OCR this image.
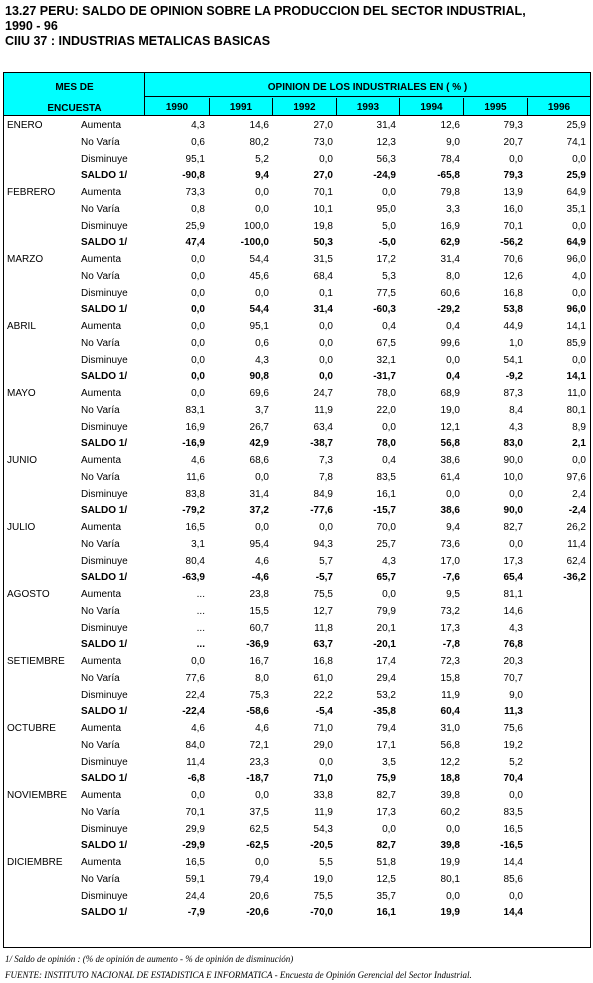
13.27 PERU: SALDO DE OPINION SOBRE LA PRODUCCION DEL SECTOR INDUSTRIAL,
1990 - 96
CIIU 37 : INDUSTRIAS METALICAS BASICAS
MES DE
ENCUESTA
OPINION DE LOS INDUSTRIALES EN ( % )
1990	1991	1992	1993	1994	1995	1996
ENERO	Aumenta	4,3	14,6	27,0	31,4	12,6	79,3	25,9
No Varía	0,6	80,2	73,0	12,3	9,0	20,7	74,1
Disminuye	95,1	5,2	0,0	56,3	78,4	0,0	0,0
SALDO 1/	-90,8	9,4	27,0	-24,9	-65,8	79,3	25,9
FEBRERO	Aumenta	73,3	0,0	70,1	0,0	79,8	13,9	64,9
No Varía	0,8	0,0	10,1	95,0	3,3	16,0	35,1
Disminuye	25,9	100,0	19,8	5,0	16,9	70,1	0,0
SALDO 1/	47,4	-100,0	50,3	-5,0	62,9	-56,2	64,9
MARZO	Aumenta	0,0	54,4	31,5	17,2	31,4	70,6	96,0
No Varía	0,0	45,6	68,4	5,3	8,0	12,6	4,0
Disminuye	0,0	0,0	0,1	77,5	60,6	16,8	0,0
SALDO 1/	0,0	54,4	31,4	-60,3	-29,2	53,8	96,0
ABRIL	Aumenta	0,0	95,1	0,0	0,4	0,4	44,9	14,1
No Varía	0,0	0,6	0,0	67,5	99,6	1,0	85,9
Disminuye	0,0	4,3	0,0	32,1	0,0	54,1	0,0
SALDO 1/	0,0	90,8	0,0	-31,7	0,4	-9,2	14,1
MAYO	Aumenta	0,0	69,6	24,7	78,0	68,9	87,3	11,0
No Varía	83,1	3,7	11,9	22,0	19,0	8,4	80,1
Disminuye	16,9	26,7	63,4	0,0	12,1	4,3	8,9
SALDO 1/	-16,9	42,9	-38,7	78,0	56,8	83,0	2,1
JUNIO	Aumenta	4,6	68,6	7,3	0,4	38,6	90,0	0,0
No Varía	11,6	0,0	7,8	83,5	61,4	10,0	97,6
Disminuye	83,8	31,4	84,9	16,1	0,0	0,0	2,4
SALDO 1/	-79,2	37,2	-77,6	-15,7	38,6	90,0	-2,4
JULIO	Aumenta	16,5	0,0	0,0	70,0	9,4	82,7	26,2
No Varía	3,1	95,4	94,3	25,7	73,6	0,0	11,4
Disminuye	80,4	4,6	5,7	4,3	17,0	17,3	62,4
SALDO 1/	-63,9	-4,6	-5,7	65,7	-7,6	65,4	-36,2
AGOSTO	Aumenta	...	23,8	75,5	0,0	9,5	81,1
No Varía	...	15,5	12,7	79,9	73,2	14,6
Disminuye	...	60,7	11,8	20,1	17,3	4,3
SALDO 1/	...	-36,9	63,7	-20,1	-7,8	76,8
SETIEMBRE Aumenta	0,0	16,7	16,8	17,4	72,3	20,3
No Varía	77,6	8,0	61,0	29,4	15,8	70,7
Disminuye	22,4	75,3	22,2	53,2	11,9	9,0
SALDO 1/	-22,4	-58,6	-5,4	-35,8	60,4	11,3
OCTUBRE	Aumenta	4,6	4,6	71,0	79,4	31,0	75,6
No Varía	84,0	72,1	29,0	17,1	56,8	19,2
Disminuye	11,4	23,3	0,0	3,5	12,2	5,2
SALDO 1/	-6,8	-18,7	71,0	75,9	18,8	70,4
NOVIEMBRE Aumenta	0,0	0,0	33,8	82,7	39,8	0,0
No Varía	70,1	37,5	11,9	17,3	60,2	83,5
Disminuye	29,9	62,5	54,3	0,0	0,0	16,5
SALDO 1/	-29,9	-62,5	-20,5	82,7	39,8	-16,5
DICIEMBRE Aumenta	16,5	0,0	5,5	51,8	19,9	14,4
No Varía	59,1	79,4	19,0	12,5	80,1	85,6
Disminuye	24,4	20,6	75,5	35,7	0,0	0,0
SALDO 1/	-7,9	-20,6	-70,0	16,1	19,9	14,4
1/ Saldo de opinión : (% de opinión de aumento - % de opinión de disminución)
FUENTE: INSTITUTO NACIONAL DE ESTADISTICA E INFORMATICA - Encuesta de Opinión Gerencial del Sector Industrial.
